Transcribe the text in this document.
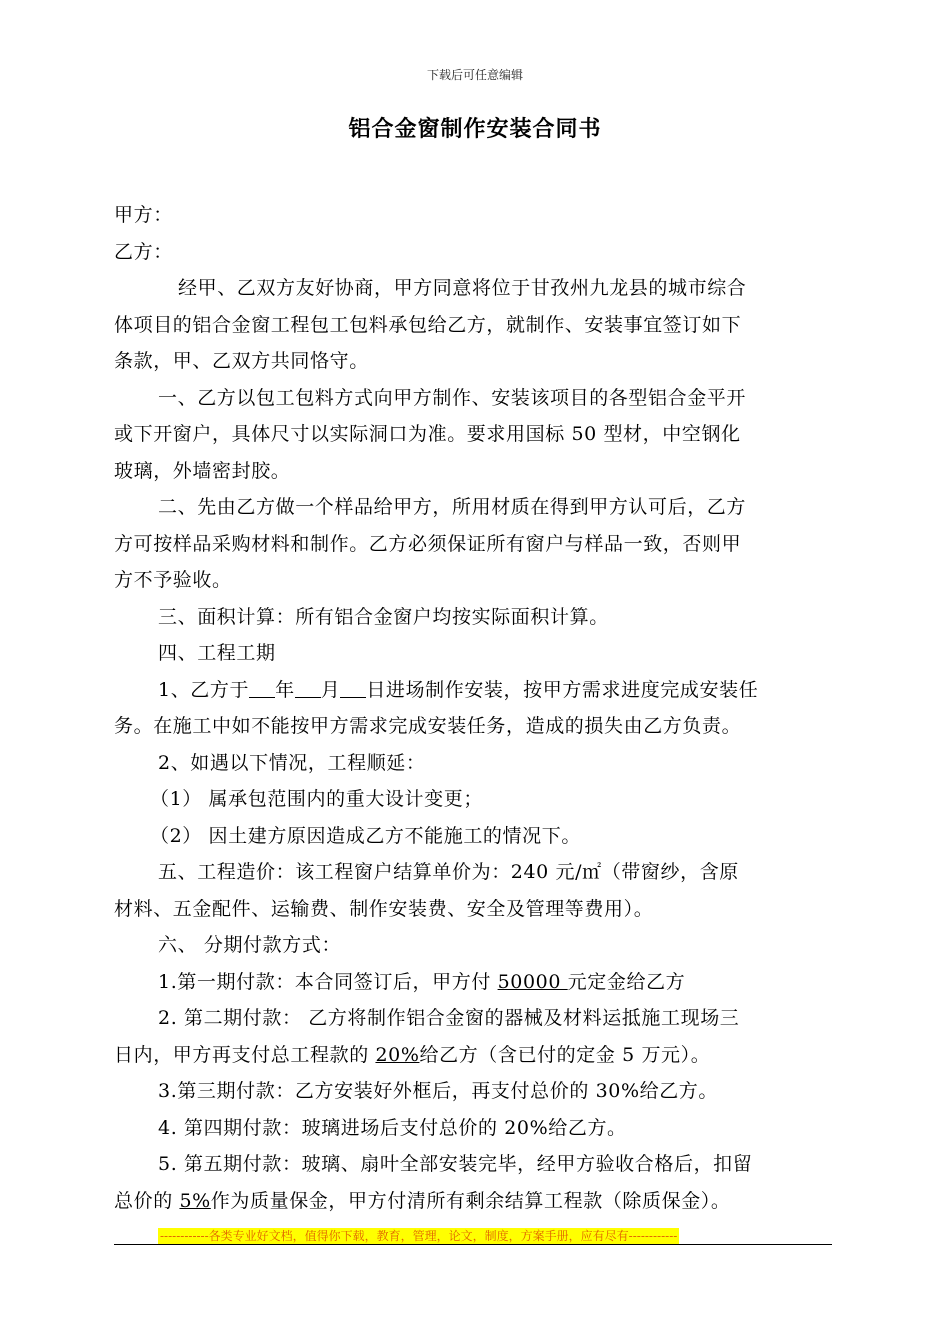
下载后可任意编辑
铝合金窗制作安装合同书
甲方：
乙方：
经甲、乙双方友好协商，甲方同意将位于甘孜州九龙县的城市综合
体项目的铝合金窗工程包工包料承包给乙方，就制作、安装事宜签订如下
条款，甲、乙双方共同恪守。
一、乙方以包工包料方式向甲方制作、安装该项目的各型铝合金平开
或下开窗户，具体尺寸以实际洞口为准。要求用国标 50 型材，中空钢化
玻璃，外墙密封胶。
二、先由乙方做一个样品给甲方，所用材质在得到甲方认可后，乙方
方可按样品采购材料和制作。乙方必须保证所有窗户与样品一致，否则甲
方不予验收。
三、面积计算：所有铝合金窗户均按实际面积计算。
四、工程工期
1、乙方于 年 月 日进场制作安装，按甲方需求进度完成安装任
务。在施工中如不能按甲方需求完成安装任务，造成的损失由乙方负责。
2、如遇以下情况，工程顺延：
（1） 属承包范围内的重大设计变更；
（2） 因土建方原因造成乙方不能施工的情况下。
五、工程造价：该工程窗户结算单价为：240 元/㎡（带窗纱，含原
材料、五金配件、运输费、制作安装费、安全及管理等费用）。
六、 分期付款方式：
1.第一期付款：本合同签订后，甲方付 50000 元定金给乙方
2. 第二期付款： 乙方将制作铝合金窗的器械及材料运抵施工现场三
日内，甲方再支付总工程款的 20%给乙方（含已付的定金 5 万元）。
3.第三期付款：乙方安装好外框后，再支付总价的 30%给乙方。
4. 第四期付款：玻璃进场后支付总价的 20%给乙方。
5. 第五期付款：玻璃、扇叶全部安装完毕，经甲方验收合格后，扣留
总价的 5%作为质量保金，甲方付清所有剩余结算工程款（除质保金）。
------------各类专业好文档，值得你下载，教育，管理，论文，制度，方案手册，应有尽有------------
